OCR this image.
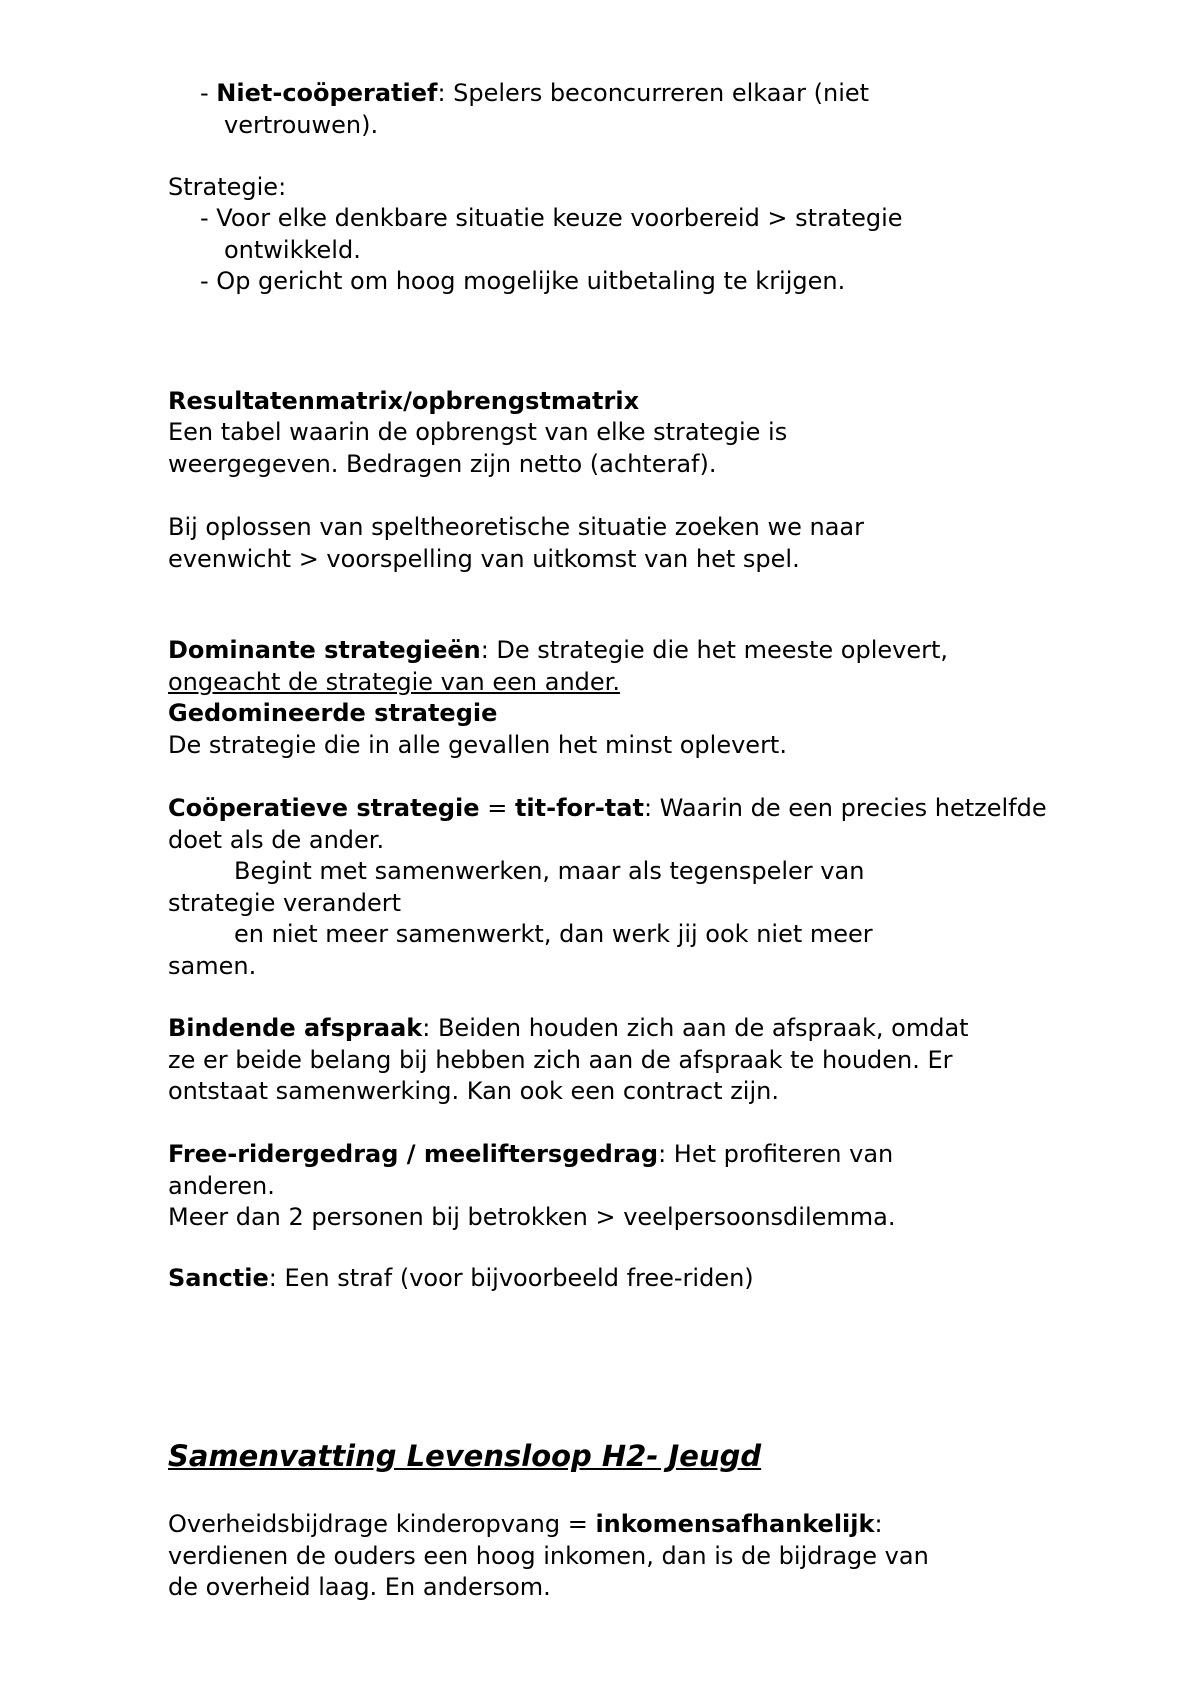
- Niet-coöperatief: Spelers beconcurreren elkaar (niet vertrouwen).

Strategie:

- Voor elke denkbare situatie keuze voorbereid > strategie ontwikkeld.

- Op gericht om hoog mogelijke uitbetaling te krijgen.

Resultatenmatrix/opbrengstmatrix

Een tabel waarin de opbrengst van elke strategie is weergegeven. Bedragen zijn netto (achteraf).

Bij oplossen van speltheoretische situatie zoeken we naar evenwicht > voorspelling van uitkomst van het spel.

Dominante strategieën: De strategie die het meeste oplevert,
ongeacht de strategie van een ander.
Gedomineerde strategie
De strategie die in alle gevallen het minst oplevert.

Coöperatieve strategie = tit-for-tat: Waarin de een precies hetzelfde doet als de ander.
Begint met samenwerken, maar als tegenspeler van
strategie verandert
en niet meer samenwerkt, dan werk jij ook niet meer
samen.

Bindende afspraak: Beiden houden zich aan de afspraak, omdat ze er beide belang bij hebben zich aan de afspraak te houden. Er ontstaat samenwerking. Kan ook een contract zijn.

Free-ridergedrag / meeliftersgedrag: Het profiteren van anderen.
Meer dan 2 personen bij betrokken > veelpersoonsdilemma.

Sanctie: Een straf (voor bijvoorbeeld free-riden)

Samenvatting Levensloop H2- Jeugd

Overheidsbijdrage kinderopvang = inkomensafhankelijk: verdienen de ouders een hoog inkomen, dan is de bijdrage van de overheid laag. En andersom.
